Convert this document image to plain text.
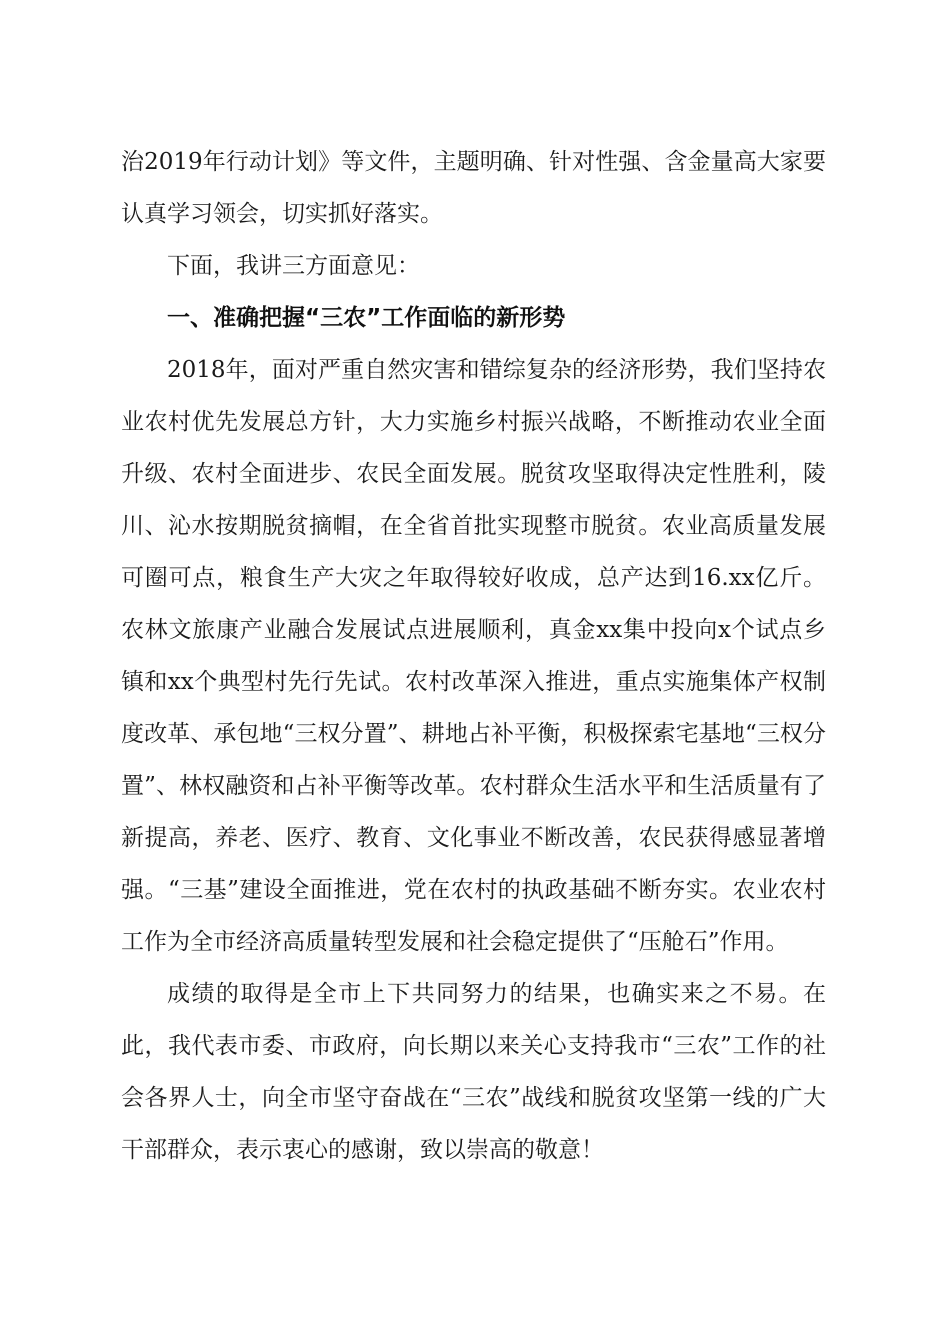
治2019年行动计划》等文件，主题明确、针对性强、含金量高大家要认真学习领会，切实抓好落实。

下面，我讲三方面意见：

一、准确把握“三农”工作面临的新形势

2018年，面对严重自然灾害和错综复杂的经济形势，我们坚持农业农村优先发展总方针，大力实施乡村振兴战略，不断推动农业全面升级、农村全面进步、农民全面发展。脱贫攻坚取得决定性胜利，陵川、沁水按期脱贫摘帽，在全省首批实现整市脱贫。农业高质量发展可圈可点，粮食生产大灾之年取得较好收成，总产达到16.xx亿斤。农林文旅康产业融合发展试点进展顺利，真金xx集中投向x个试点乡镇和xx个典型村先行先试。农村改革深入推进，重点实施集体产权制度改革、承包地“三权分置”、耕地占补平衡，积极探索宅基地“三权分置”、林权融资和占补平衡等改革。农村群众生活水平和生活质量有了新提高，养老、医疗、教育、文化事业不断改善，农民获得感显著增强。“三基”建设全面推进，党在农村的执政基础不断夯实。农业农村工作为全市经济高质量转型发展和社会稳定提供了“压舱石”作用。

成绩的取得是全市上下共同努力的结果，也确实来之不易。在此，我代表市委、市政府，向长期以来关心支持我市“三农”工作的社会各界人士，向全市坚守奋战在“三农”战线和脱贫攻坚第一线的广大干部群众，表示衷心的感谢，致以崇高的敬意！
